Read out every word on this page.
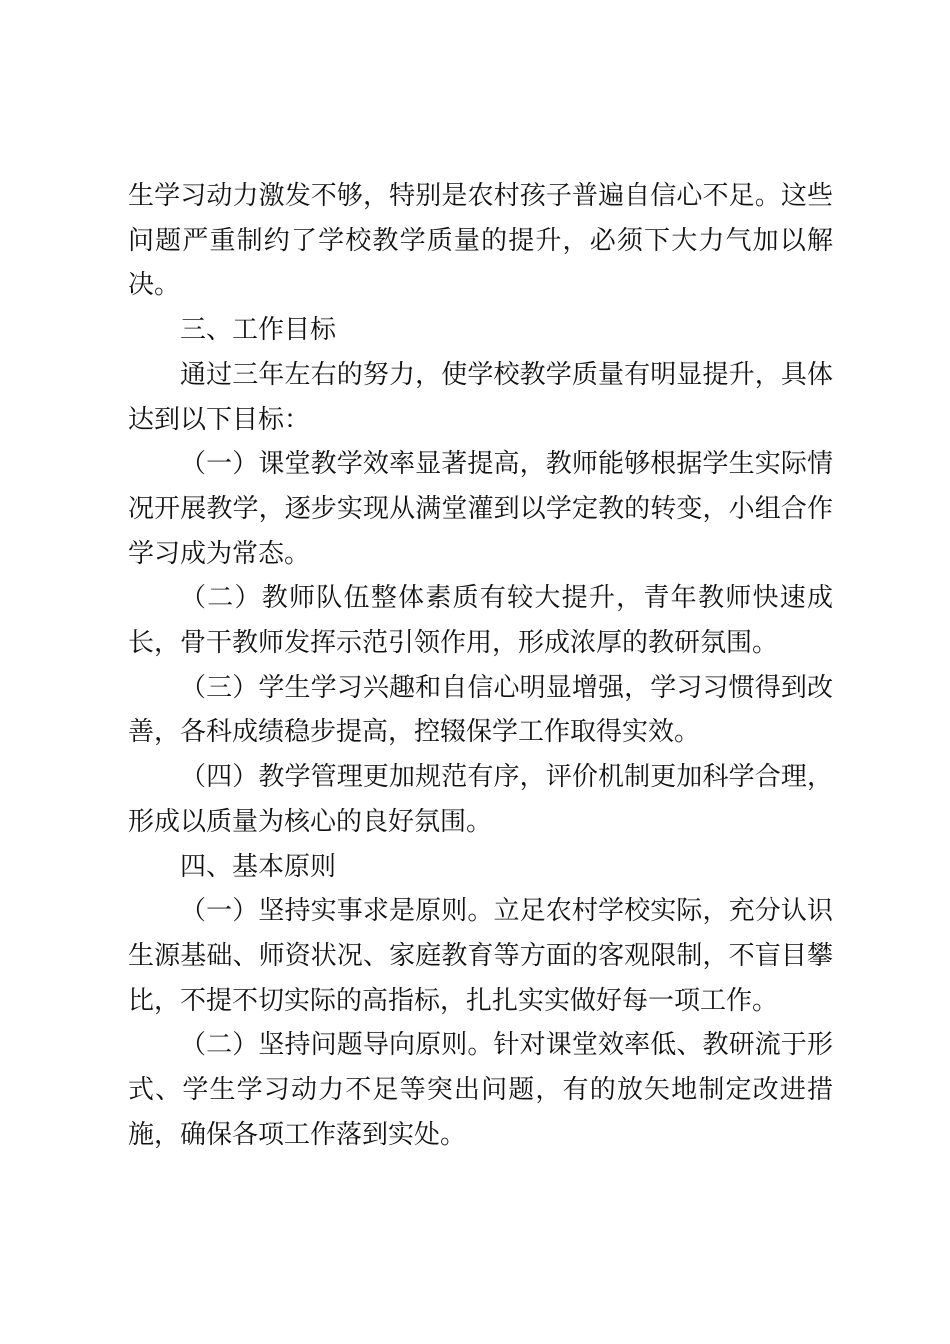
生学习动力激发不够，特别是农村孩子普遍自信心不足。这些问题严重制约了学校教学质量的提升，必须下大力气加以解决。

三、工作目标

通过三年左右的努力，使学校教学质量有明显提升，具体达到以下目标：

（一）课堂教学效率显著提高，教师能够根据学生实际情况开展教学，逐步实现从满堂灌到以学定教的转变，小组合作学习成为常态。

（二）教师队伍整体素质有较大提升，青年教师快速成长，骨干教师发挥示范引领作用，形成浓厚的教研氛围。

（三）学生学习兴趣和自信心明显增强，学习习惯得到改善，各科成绩稳步提高，控辍保学工作取得实效。

（四）教学管理更加规范有序，评价机制更加科学合理，形成以质量为核心的良好氛围。

四、基本原则

（一）坚持实事求是原则。立足农村学校实际，充分认识生源基础、师资状况、家庭教育等方面的客观限制，不盲目攀比，不提不切实际的高指标，扎扎实实做好每一项工作。

（二）坚持问题导向原则。针对课堂效率低、教研流于形式、学生学习动力不足等突出问题，有的放矢地制定改进措施，确保各项工作落到实处。
